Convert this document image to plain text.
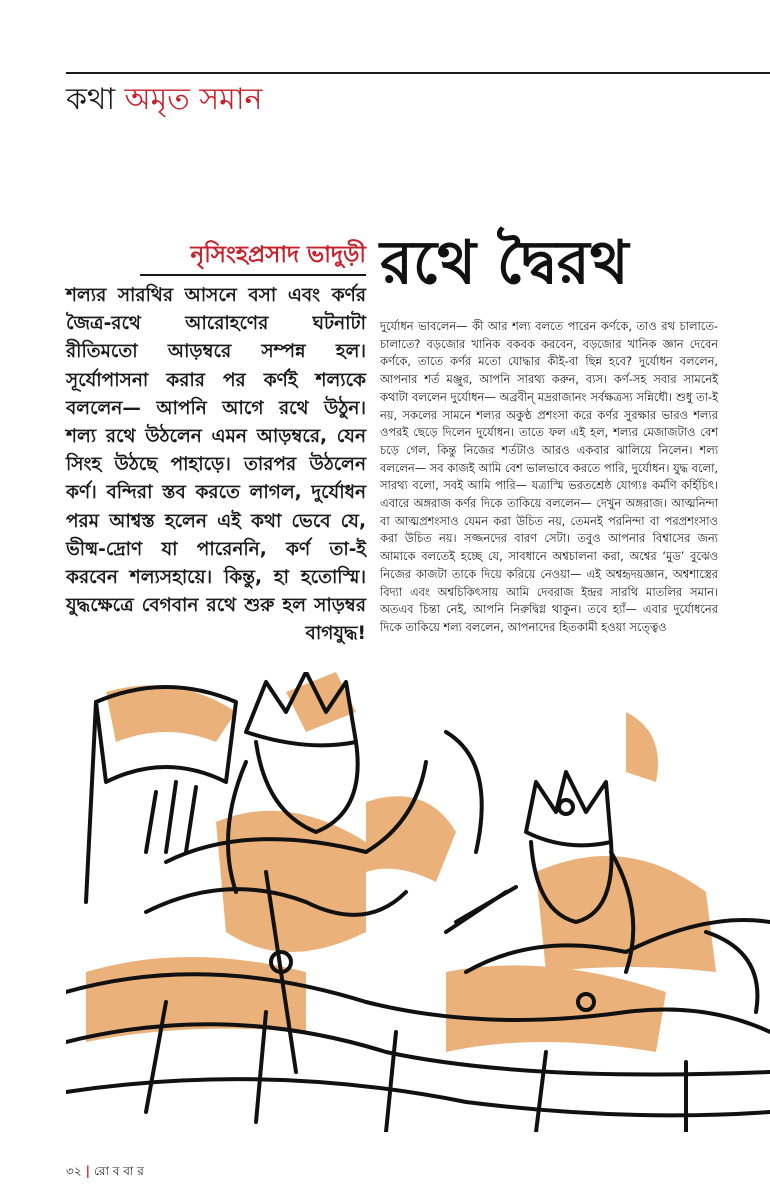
কথা অমৃত সমান
নৃসিংহপ্রসাদ ভাদুড়ী
শল্যর সারথির আসনে বসা এবং কর্ণর জৈত্র-রথে আরোহণের ঘটনাটা রীতিমতো আড়ম্বরে সম্পন্ন হল। সূর্যোপাসনা করার পর কর্ণই শল্যকে বললেন— আপনি আগে রথে উঠুন। শল্য রথে উঠলেন এমন আড়ম্বরে, যেন সিংহ উঠছে পাহাড়ে। তারপর উঠলেন কর্ণ। বন্দিরা স্তব করতে লাগল, দুর্যোধন পরম আশ্বস্ত হলেন এই কথা ভেবে যে, ভীষ্ম-দ্রোণ যা পারেননি, কর্ণ তা-ই করবেন শল্যসহায়ে। কিন্তু, হা হতোস্মি। যুদ্ধক্ষেত্রে বেগবান রথে শুরু হল সাড়ম্বর বাগযুদ্ধ!
রথে দ্বৈরথ

দুর্যোধন ভাবলেন— কী আর শল্য বলতে পারেন কর্ণকে, তাও রথ চালাতে-চালাতে? বড়জোর খানিক বকবক করবেন, বড়জোর খানিক জ্ঞান দেবেন কর্ণকে, তাতে কর্ণর মতো যোদ্ধার কীই-বা ছিন্ন হবে? দুর্যোধন বললেন, আপনার শর্ত মঞ্জুর, আপনি সারথ্য করুন, ব্যস। কর্ণ-সহ সবার সামনেই কথাটা বললেন দুর্যোধন— অব্রবীন্ মদ্ররাজানং সর্বক্ষত্রস্য সন্নিধৌ। শুধু তা-ই নয়, সকলের সামনে শল্যর অকুণ্ঠ প্রশংসা করে কর্ণর সুরক্ষার ভারও শল্যর ওপরই ছেড়ে দিলেন দুর্যোধন। তাতে ফল এই হল, শল্যর মেজাজটাও বেশ চড়ে গেল, কিন্তু নিজের শর্তটাও আরও একবার ঝালিয়ে নিলেন। শল্য বললেন— সব কাজই আমি বেশ ভালভাবে করতে পারি, দুর্যোধন। যুদ্ধ বলো, সারথ্য বলো, সবই আমি পারি— যত্রাস্মি ভরতশ্রেষ্ঠ যোগ্যঃ কর্মণি কর্হিচিৎ। এবারে অঙ্গরাজ কর্ণর দিকে তাকিয়ে বললেন— দেখুন অঙ্গরাজ। আত্মনিন্দা বা আত্মপ্রশংসাও যেমন করা উচিত নয়, তেমনই পরনিন্দা বা পরপ্রশংসাও করা উচিত নয়। সজ্জনদের বারণ সেটা। তবুও আপনার বিশ্বাসের জন্য আমাকে বলতেই হচ্ছে যে, সাবধানে অশ্বচালনা করা, অশ্বের ‘মুড’ বুঝেও নিজের কাজটা তাকে দিয়ে করিয়ে নেওয়া— এই অশ্বহৃদয়জ্ঞান, অশ্বশাস্ত্রের বিদ্যা এবং অশ্বচিকিৎসায় আমি দেবরাজ ইন্দ্রর সারথি মাতলির সমান। অতএব চিন্তা নেই, আপনি নিরুদ্বিগ্ন থাকুন। তবে হ্যাঁ— এবার দুর্যোধনের দিকে তাকিয়ে শল্য বললেন, আপনাদের হিতকামী হওয়া সত্ত্বেও

৩২ | রো ব বা র
